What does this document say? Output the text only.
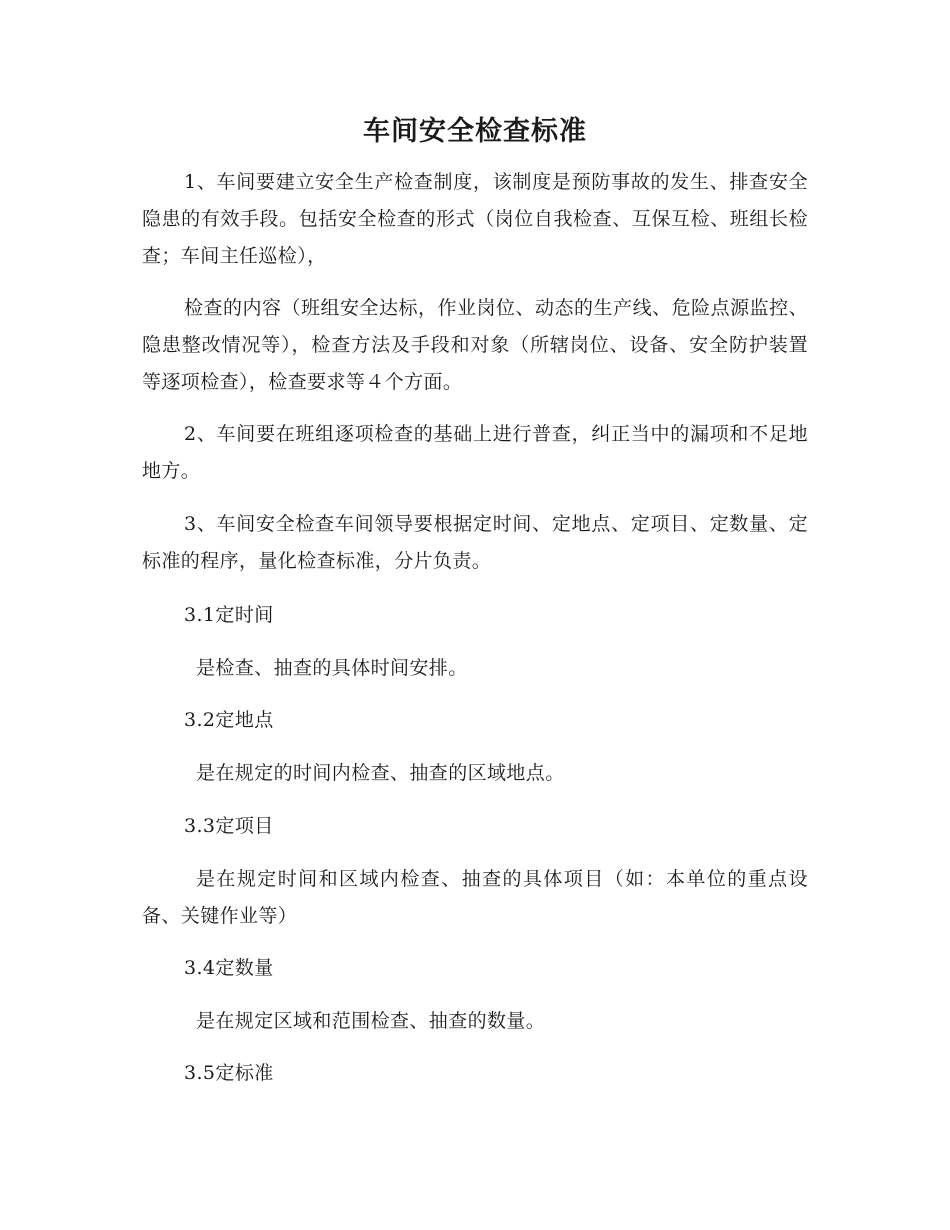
车间安全检查标准

1、车间要建立安全生产检查制度，该制度是预防事故的发生、排查安全隐患的有效手段。包括安全检查的形式（岗位自我检查、互保互检、班组长检查；车间主任巡检），

检查的内容（班组安全达标，作业岗位、动态的生产线、危险点源监控、隐患整改情况等），检查方法及手段和对象（所辖岗位、设备、安全防护装置等逐项检查），检查要求等４个方面。

2、车间要在班组逐项检查的基础上进行普查，纠正当中的漏项和不足地地方。

3、车间安全检查车间领导要根据定时间、定地点、定项目、定数量、定标准的程序，量化检查标准，分片负责。

3.1定时间

是检查、抽查的具体时间安排。

3.2定地点

是在规定的时间内检查、抽查的区域地点。

3.3定项目

是在规定时间和区域内检查、抽查的具体项目（如：本单位的重点设备、关键作业等）

3.4定数量

是在规定区域和范围检查、抽查的数量。

3.5定标准
